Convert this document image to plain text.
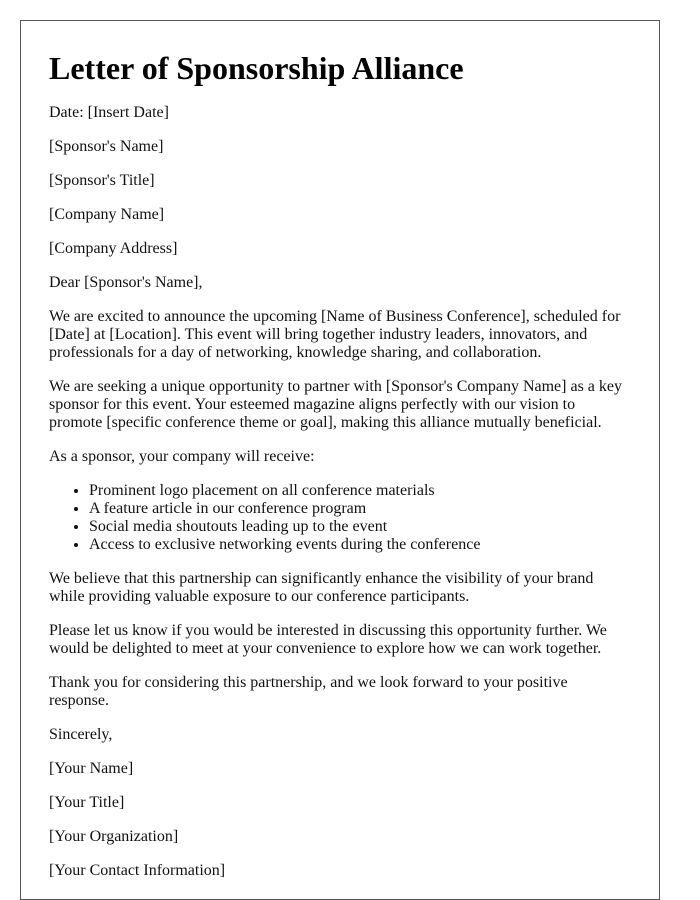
Letter of Sponsorship Alliance

Date: [Insert Date]

[Sponsor's Name]

[Sponsor's Title]

[Company Name]

[Company Address]

Dear [Sponsor's Name],

We are excited to announce the upcoming [Name of Business Conference], scheduled for [Date] at [Location]. This event will bring together industry leaders, innovators, and professionals for a day of networking, knowledge sharing, and collaboration.

We are seeking a unique opportunity to partner with [Sponsor's Company Name] as a key sponsor for this event. Your esteemed magazine aligns perfectly with our vision to promote [specific conference theme or goal], making this alliance mutually beneficial.

As a sponsor, your company will receive:

• Prominent logo placement on all conference materials
• A feature article in our conference program
• Social media shoutouts leading up to the event
• Access to exclusive networking events during the conference

We believe that this partnership can significantly enhance the visibility of your brand while providing valuable exposure to our conference participants.

Please let us know if you would be interested in discussing this opportunity further. We would be delighted to meet at your convenience to explore how we can work together.

Thank you for considering this partnership, and we look forward to your positive response.

Sincerely,

[Your Name]

[Your Title]

[Your Organization]

[Your Contact Information]
